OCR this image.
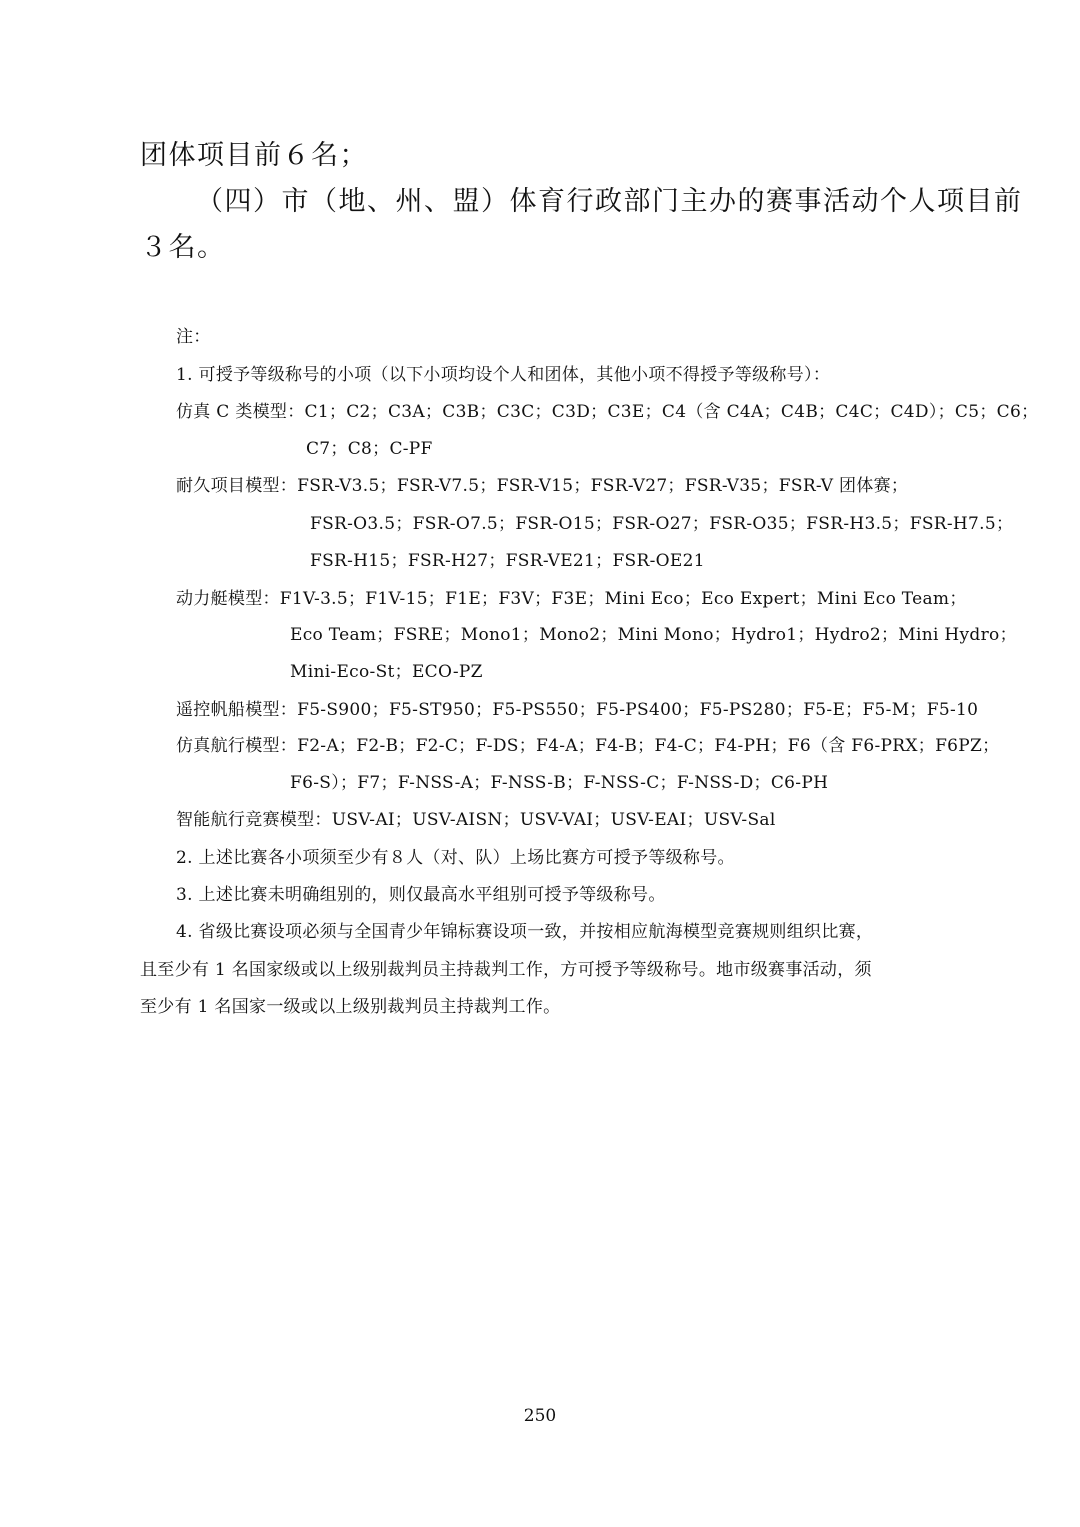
团体项目前６名；
（四）市（地、州、盟）体育行政部门主办的赛事活动个人项目前
３名。
注：
1. 可授予等级称号的小项（以下小项均设个人和团体，其他小项不得授予等级称号）：
仿真 C 类模型：C1；C2；C3A；C3B；C3C；C3D；C3E；C4（含 C4A；C4B；C4C；C4D）；C5；C6；
C7；C8；C-PF
耐久项目模型：FSR-V3.5；FSR-V7.5；FSR-V15；FSR-V27；FSR-V35；FSR-V 团体赛；
FSR-O3.5；FSR-O7.5；FSR-O15；FSR-O27；FSR-O35；FSR-H3.5；FSR-H7.5；
FSR-H15；FSR-H27；FSR-VE21；FSR-OE21
动力艇模型：F1V-3.5；F1V-15；F1E；F3V；F3E；Mini Eco；Eco Expert；Mini Eco Team；
Eco Team；FSRE；Mono1；Mono2；Mini Mono；Hydro1；Hydro2；Mini Hydro；
Mini-Eco-St；ECO-PZ
遥控帆船模型：F5-S900；F5-ST950；F5-PS550；F5-PS400；F5-PS280；F5-E；F5-M；F5-10
仿真航行模型：F2-A；F2-B；F2-C；F-DS；F4-A；F4-B；F4-C；F4-PH；F6（含 F6-PRX；F6PZ；
F6-S）；F7；F-NSS-A；F-NSS-B；F-NSS-C；F-NSS-D；C6-PH
智能航行竞赛模型：USV-AI；USV-AISN；USV-VAI；USV-EAI；USV-Sal
2. 上述比赛各小项须至少有８人（对、队）上场比赛方可授予等级称号。
3. 上述比赛未明确组别的，则仅最高水平组别可授予等级称号。
4. 省级比赛设项必须与全国青少年锦标赛设项一致，并按相应航海模型竞赛规则组织比赛，
且至少有 1 名国家级或以上级别裁判员主持裁判工作，方可授予等级称号。地市级赛事活动，须
至少有 1 名国家一级或以上级别裁判员主持裁判工作。
250
